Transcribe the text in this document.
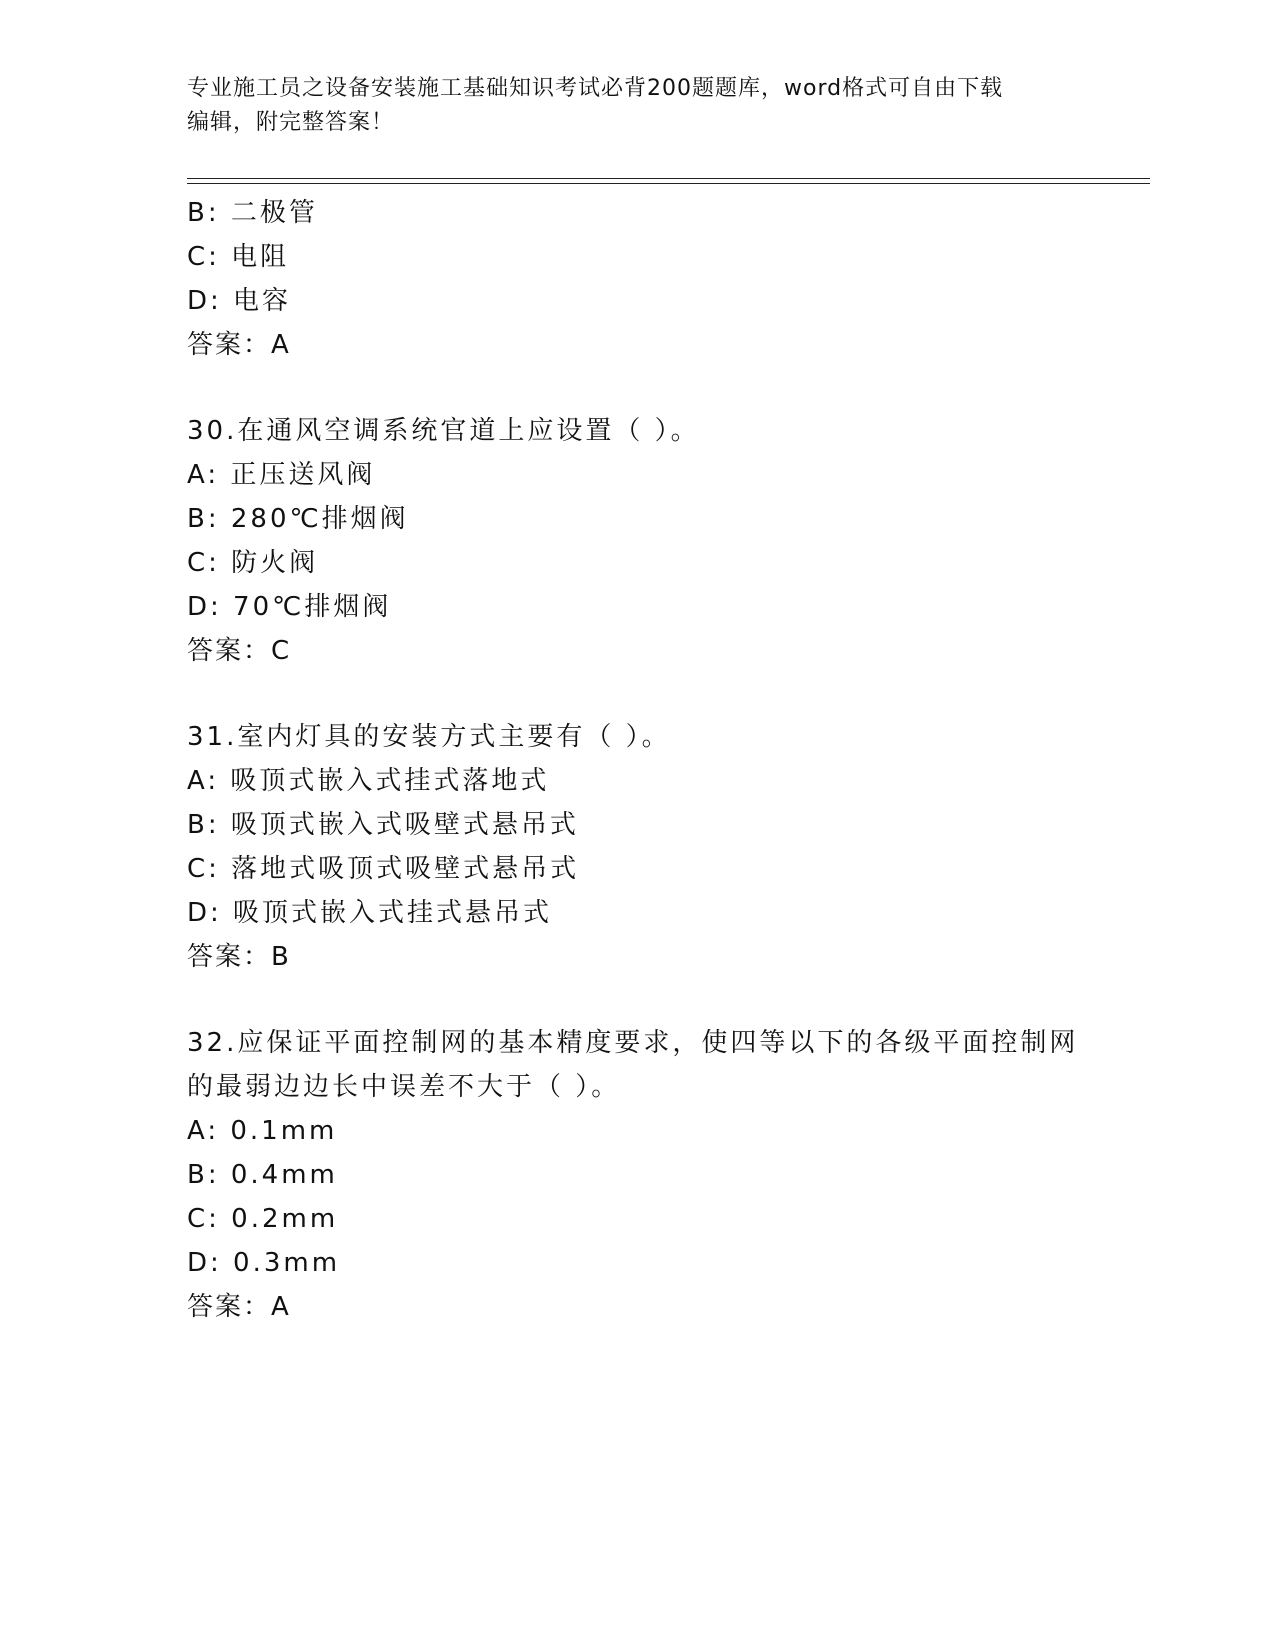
专业施工员之设备安装施工基础知识考试必背200题题库，word格式可自由下载
编辑，附完整答案！
B: 二极管
C: 电阻
D: 电容
答案：A
30.在通风空调系统官道上应设置（ ）。
A: 正压送风阀
B: 280℃排烟阀
C: 防火阀
D: 70℃排烟阀
答案：C
31.室内灯具的安装方式主要有（ ）。
A: 吸顶式嵌入式挂式落地式
B: 吸顶式嵌入式吸壁式悬吊式
C: 落地式吸顶式吸壁式悬吊式
D: 吸顶式嵌入式挂式悬吊式
答案：B
32.应保证平面控制网的基本精度要求，使四等以下的各级平面控制网
的最弱边边长中误差不大于（ ）。
A: 0.1mm
B: 0.4mm
C: 0.2mm
D: 0.3mm
答案：A
